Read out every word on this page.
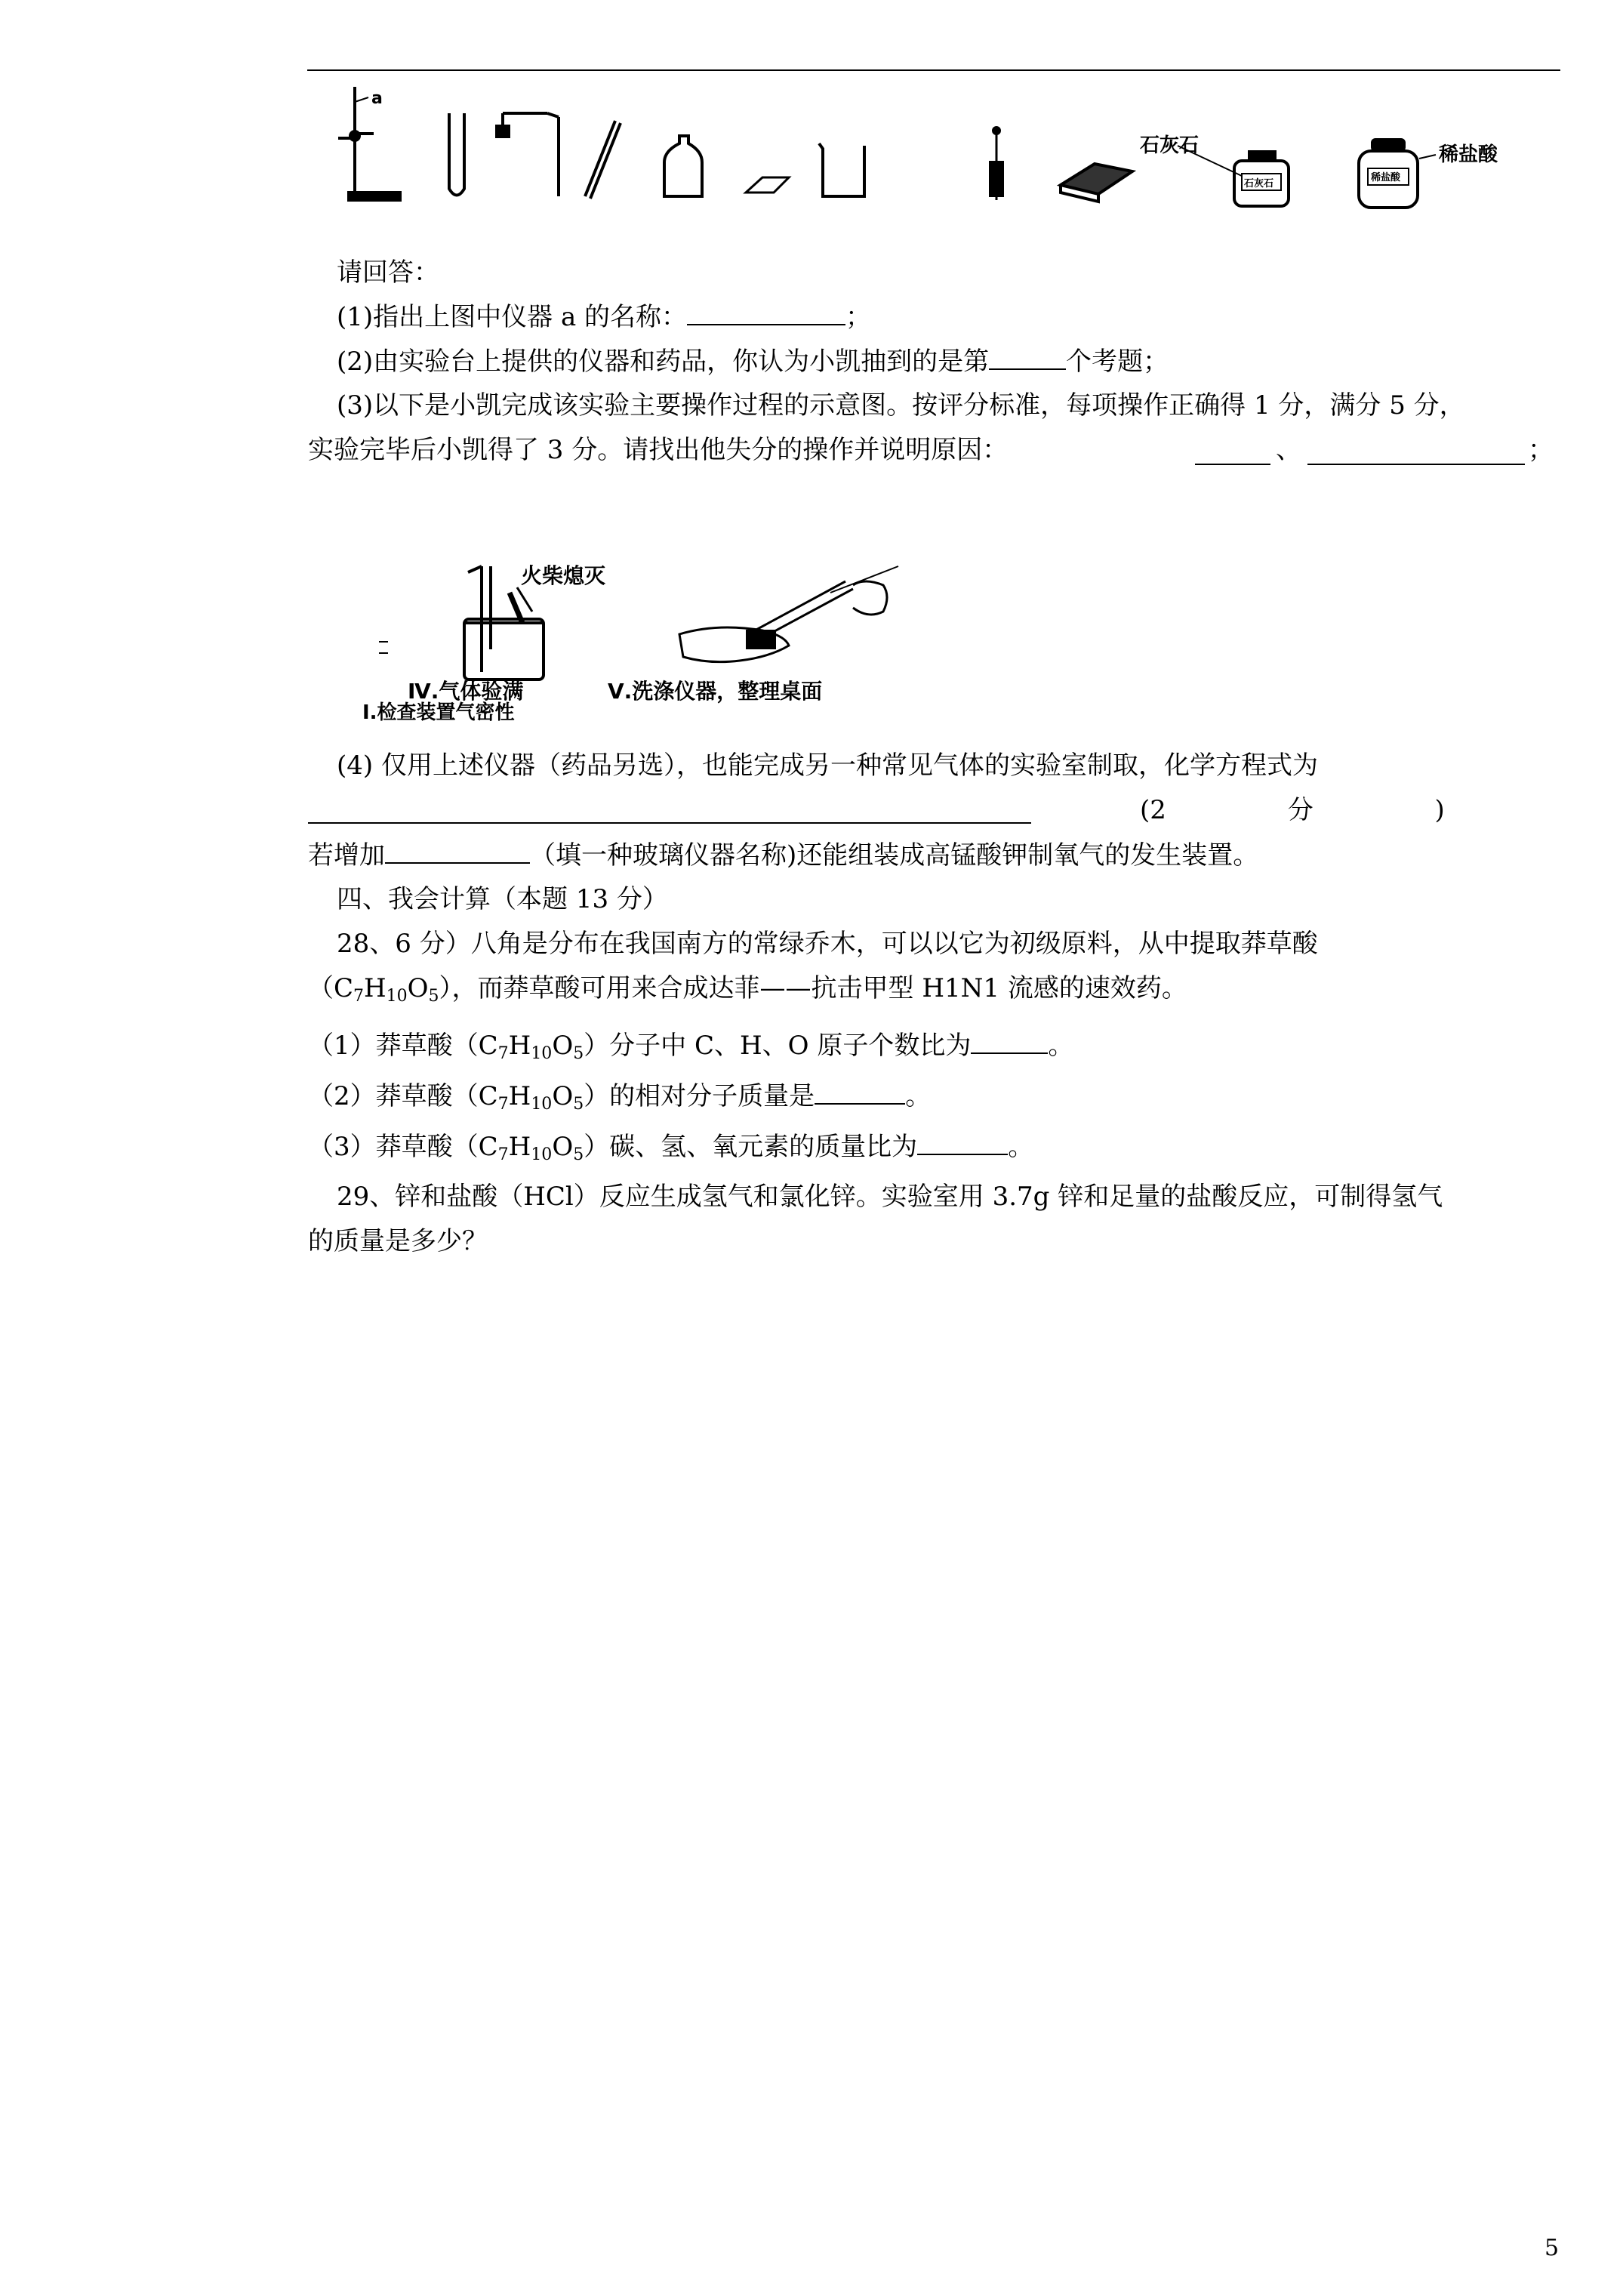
a
石灰石	稀盐酸
石灰石
稀盐酸
请回答：
(1)指出上图中仪器 a 的名称：	；
(2)由实验台上提供的仪器和药品，你认为小凯抽到的是第	个考题；
(3)以下是小凯完成该实验主要操作过程的示意图。按评分标准，每项操作正确得 1 分，满分 5 分，
实验完毕后小凯得了 3 分。请找出他失分的操作并说明原因：	、	；
火柴熄灭
Ⅳ.气体验满	Ⅴ.洗涤仪器，整理桌面
I.检查装置气密性
(4) 仅用上述仪器（药品另选），也能完成另一种常见气体的实验室制取，化学方程式为
(2 分 )
若增加	（填一种玻璃仪器名称)还能组装成高锰酸钾制氧气的发生装置。
四、我会计算（本题 13 分）
28、6 分）八角是分布在我国南方的常绿乔木，可以以它为初级原料，从中提取莽草酸
$(C_7H_{10}O_5)$，而莽草酸可用来合成达菲——抗击甲型 H1N1 流感的速效药。
（1）莽草酸$(C_7H_{10}O_5)$分子中 C、H、O 原子个数比为	。
（2）莽草酸$(C_7H_{10}O_5)$的相对分子质量是	。
（3）莽草酸$(C_7H_{10}O_5)$碳、氢、氧元素的质量比为	。
29、锌和盐酸（HCl）反应生成氢气和氯化锌。实验室用 3.7g 锌和足量的盐酸反应，可制得氢气
的质量是多少？
5
